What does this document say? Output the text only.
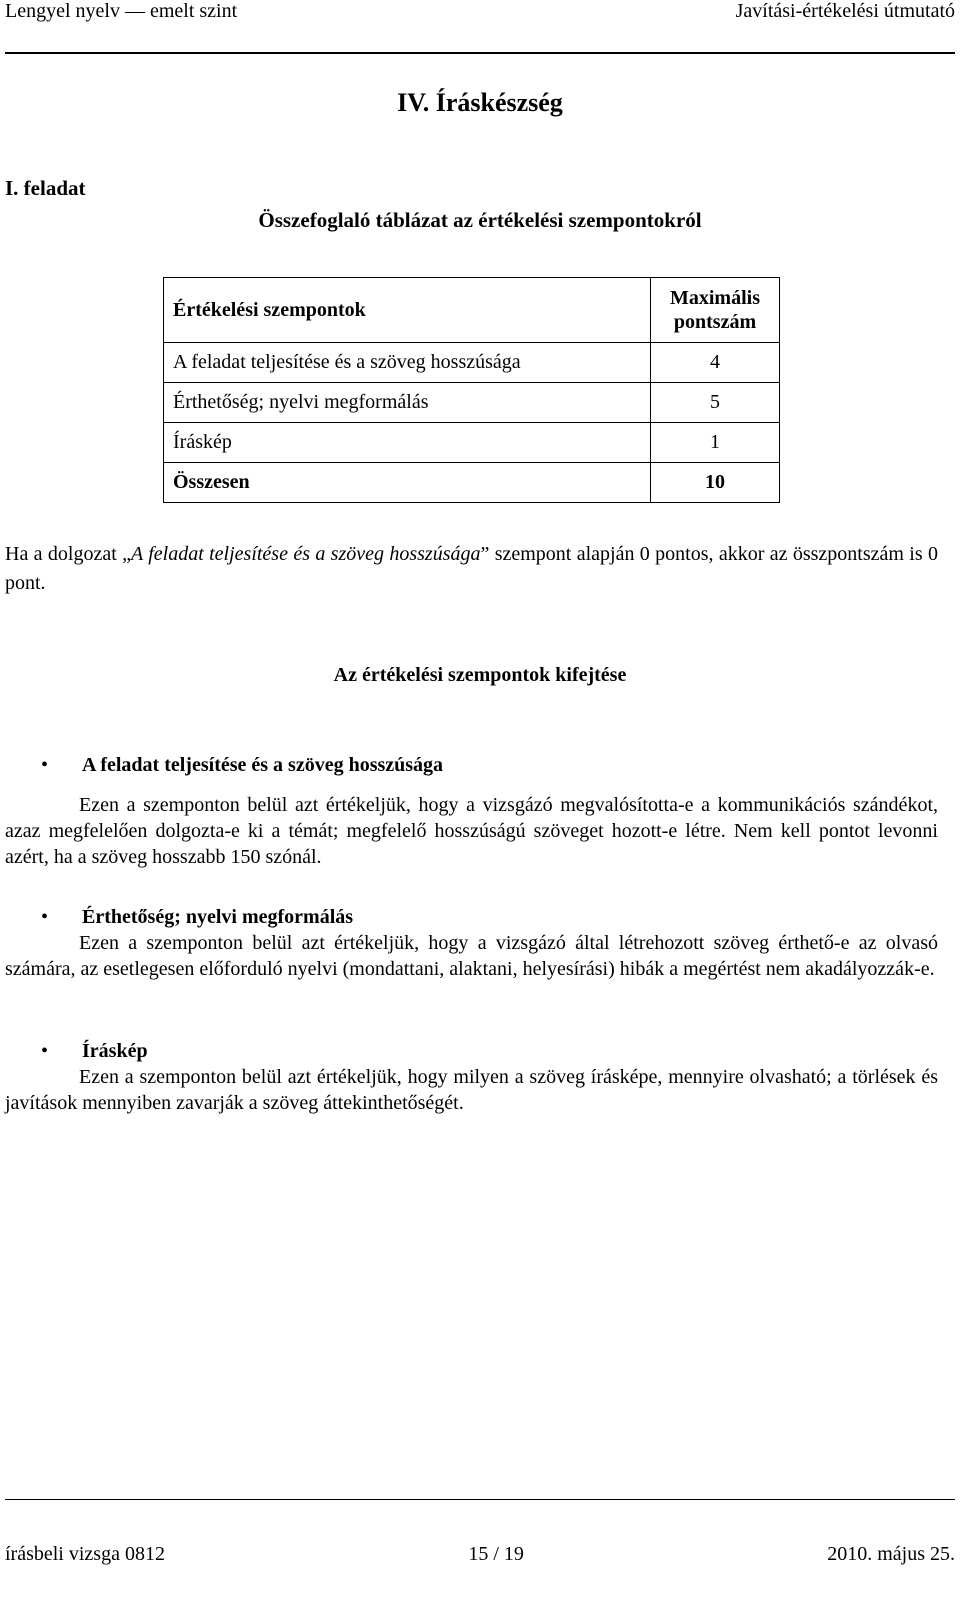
Lengyel nyelv — emelt szint	Javítási-értékelési útmutató
IV. Íráskészség
I. feladat
Összefoglaló táblázat az értékelési szempontokról
Értékelési szempontok	Maximális
pontszám
A feladat teljesítése és a szöveg hosszúsága	4
Érthetőség; nyelvi megformálás	5
Íráskép	1
Összesen	10
Ha a dolgozat „A feladat teljesítése és a szöveg hosszúsága” szempont alapján 0 pontos, akkor az összpontszám is 0 pont.
Az értékelési szempontok kifejtése
• A feladat teljesítése és a szöveg hosszúsága
Ezen a szemponton belül azt értékeljük, hogy a vizsgázó megvalósította-e a kommunikációs szándékot, azaz megfelelően dolgozta-e ki a témát; megfelelő hosszúságú szöveget hozott-e létre. Nem kell pontot levonni azért, ha a szöveg hosszabb 150 szónál.
• Érthetőség; nyelvi megformálás
Ezen a szemponton belül azt értékeljük, hogy a vizsgázó által létrehozott szöveg érthető-e az olvasó számára, az esetlegesen előforduló nyelvi (mondattani, alaktani, helyesírási) hibák a megértést nem akadályozzák-e.
• Íráskép
Ezen a szemponton belül azt értékeljük, hogy milyen a szöveg írásképe, mennyire olvasható; a törlések és javítások mennyiben zavarják a szöveg áttekinthetőségét.
írásbeli vizsga 0812	15 / 19	2010. május 25.
